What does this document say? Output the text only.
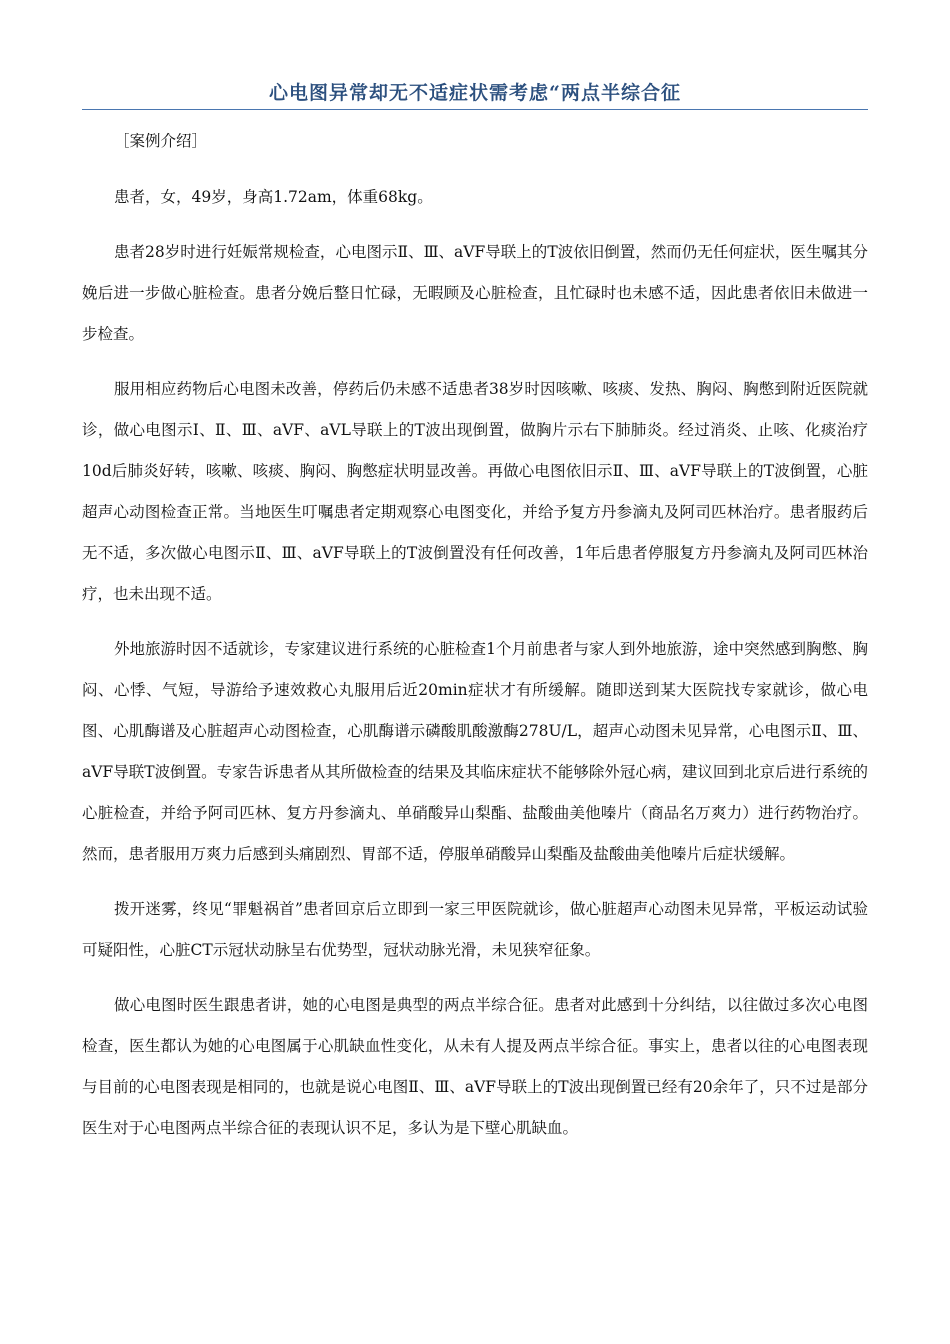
心电图异常却无不适症状需考虑“两点半综合征
［案例介绍］

患者，女，49岁，身高1.72am，体重68kg。

患者28岁时进行妊娠常规检查，心电图示Ⅱ、Ⅲ、aVF导联上的T波依旧倒置，然而仍无任何症状，医生嘱其分娩后进一步做心脏检查。患者分娩后整日忙碌，无暇顾及心脏检查，且忙碌时也未感不适，因此患者依旧未做进一步检查。

服用相应药物后心电图未改善，停药后仍未感不适患者38岁时因咳嗽、咳痰、发热、胸闷、胸憋到附近医院就诊，做心电图示Ⅰ、Ⅱ、Ⅲ、aVF、aVL导联上的T波出现倒置，做胸片示右下肺肺炎。经过消炎、止咳、化痰治疗10d后肺炎好转，咳嗽、咳痰、胸闷、胸憋症状明显改善。再做心电图依旧示Ⅱ、Ⅲ、aVF导联上的T波倒置，心脏超声心动图检查正常。当地医生叮嘱患者定期观察心电图变化，并给予复方丹参滴丸及阿司匹林治疗。患者服药后无不适，多次做心电图示Ⅱ、Ⅲ、aVF导联上的T波倒置没有任何改善，1年后患者停服复方丹参滴丸及阿司匹林治疗，也未出现不适。

外地旅游时因不适就诊，专家建议进行系统的心脏检查1个月前患者与家人到外地旅游，途中突然感到胸憋、胸闷、心悸、气短，导游给予速效救心丸服用后近20min症状才有所缓解。随即送到某大医院找专家就诊，做心电图、心肌酶谱及心脏超声心动图检查，心肌酶谱示磷酸肌酸激酶278U/L，超声心动图未见异常，心电图示Ⅱ、Ⅲ、aVF导联T波倒置。专家告诉患者从其所做检查的结果及其临床症状不能够除外冠心病，建议回到北京后进行系统的心脏检查，并给予阿司匹林、复方丹参滴丸、单硝酸异山梨酯、盐酸曲美他嗪片（商品名万爽力）进行药物治疗。然而，患者服用万爽力后感到头痛剧烈、胃部不适，停服单硝酸异山梨酯及盐酸曲美他嗪片后症状缓解。

拨开迷雾，终见“罪魁祸首”患者回京后立即到一家三甲医院就诊，做心脏超声心动图未见异常，平板运动试验可疑阳性，心脏CT示冠状动脉呈右优势型，冠状动脉光滑，未见狭窄征象。

做心电图时医生跟患者讲，她的心电图是典型的两点半综合征。患者对此感到十分纠结，以往做过多次心电图检查，医生都认为她的心电图属于心肌缺血性变化，从未有人提及两点半综合征。事实上，患者以往的心电图表现与目前的心电图表现是相同的，也就是说心电图Ⅱ、Ⅲ、aVF导联上的T波出现倒置已经有20余年了，只不过是部分医生对于心电图两点半综合征的表现认识不足，多认为是下壁心肌缺血。
